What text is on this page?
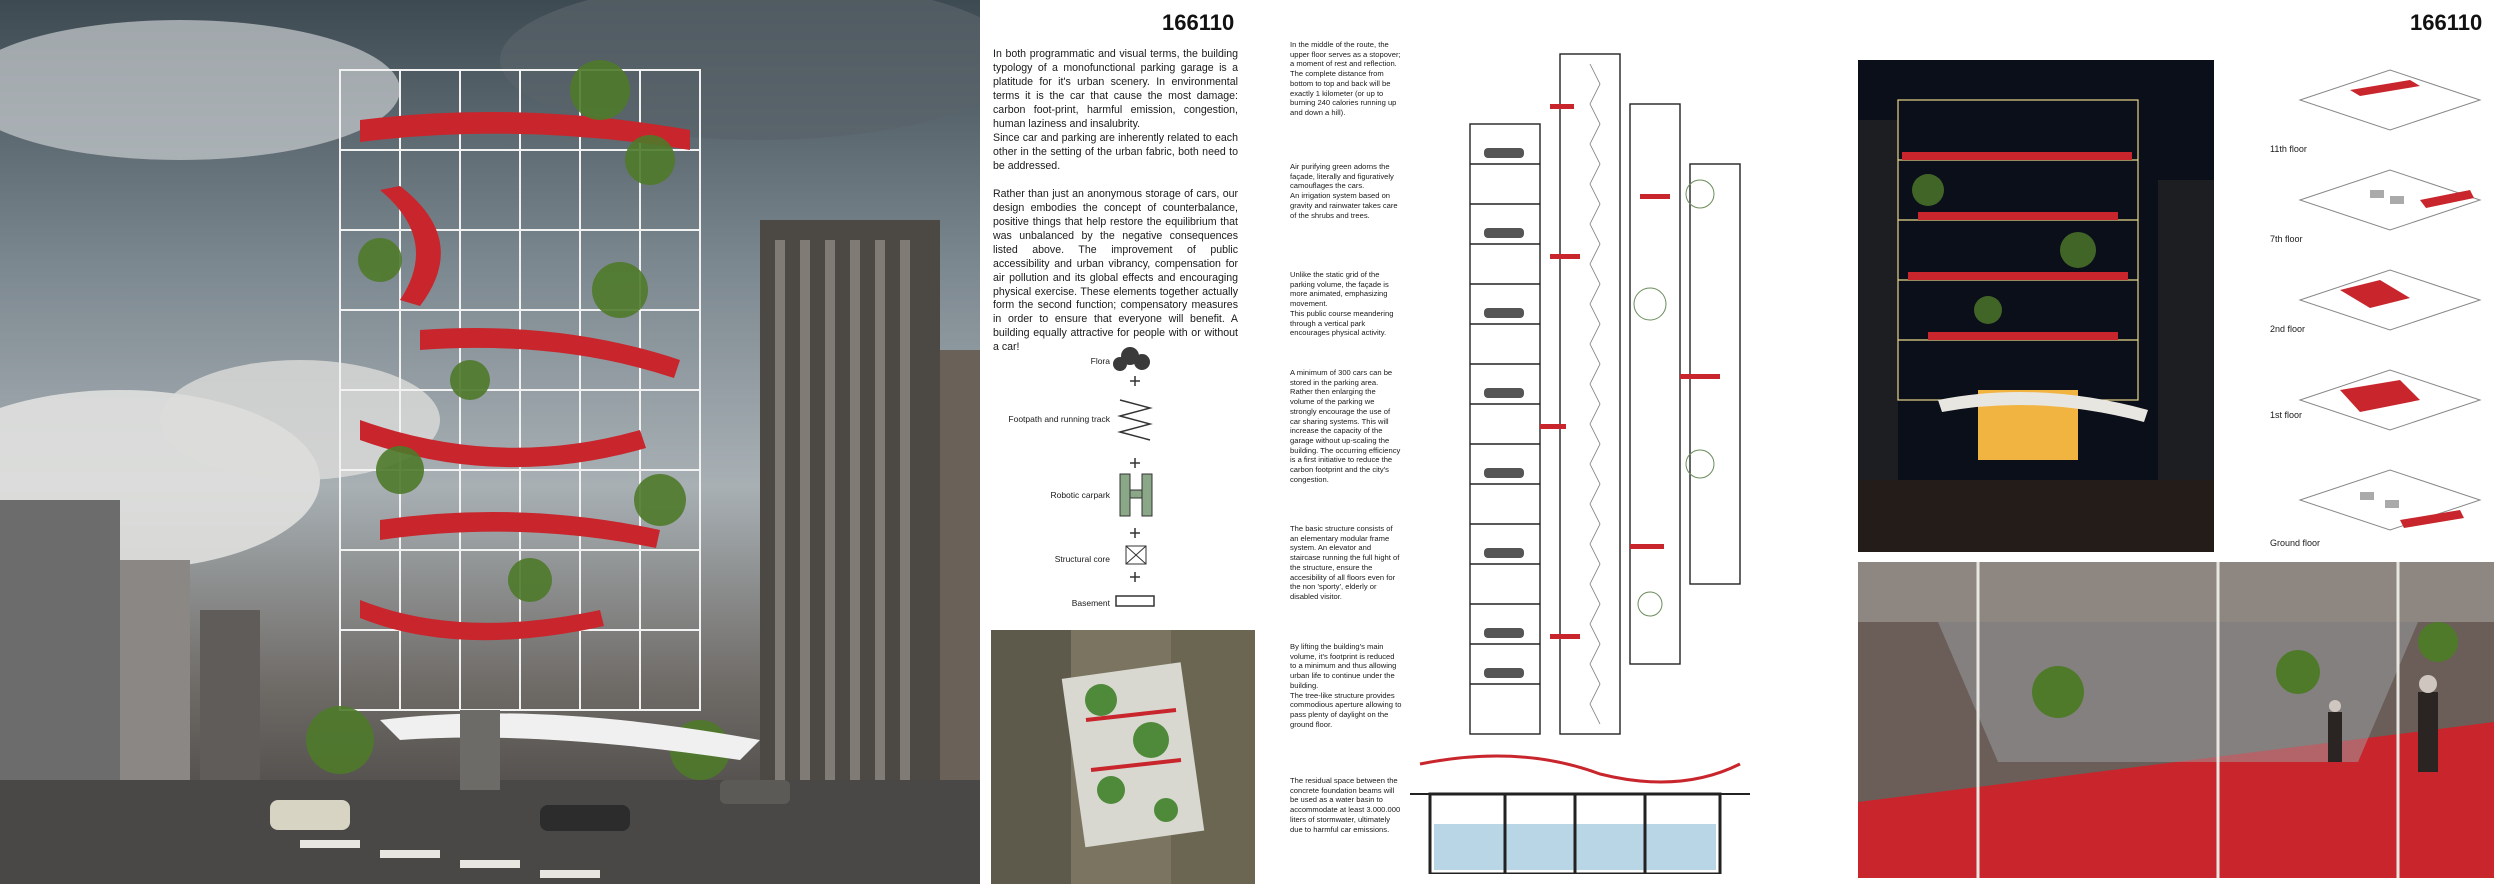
166110

In both programmatic and visual terms, the building typology of a monofunctional parking garage is a platitude for it's urban scenery. In environmental terms it is the car that cause the most damage: carbon foot-print, harmful emission, congestion, human laziness and insalubrity.
Since car and parking are inherently related to each other in the setting of the urban fabric, both need to be addressed.

Rather than just an anonymous storage of cars, our design embodies the concept of counterbalance, positive things that help restore the equilibrium that was unbalanced by the negative consequences listed above. The improvement of public accessibility and urban vibrancy, compensation for air pollution and its global effects and encouraging physical exercise. These elements together actually form the second function; compensatory measures in order to ensure that everyone will benefit. A building equally attractive for people with or without a car!

Flora
Footpath and running track
Robotic carpark
Structural core
Basement
In the middle of the route, the upper floor serves as a stopover; a moment of rest and reflection.
The complete distance from bottom to top and back will be exactly 1 kilometer (or up to burning 240 calories running up and down a hill).
Air purifying green adorns the façade, literally and figuratively camouflages the cars.
An irrigation system based on gravity and rainwater takes care of the shrubs and trees.
Unlike the static grid of the parking volume, the façade is more animated, emphasizing movement.
This public course meandering through a vertical park encourages physical activity.
A minimum of 300 cars can be stored in the parking area. Rather then enlarging the volume of the parking we strongly encourage the use of car sharing systems. This will increase the capacity of the garage without up-scaling the building. The occurring efficiency is a first initiative to reduce the carbon footprint and the city's congestion.
The basic structure consists of an elementary modular frame system. An elevator and staircase running the full hight of the structure, ensure the accesibility of all floors even for the non 'sporty', elderly or disabled visitor.
By lifting the building's main volume, it's footprint is reduced to a minimum and thus allowing urban life to continue under the building.
The tree-like structure provides commodious aperture allowing to pass plenty of daylight on the ground floor.
The residual space between the concrete foundation beams will be used as a water basin to accommodate at least 3.000.000 liters of stormwater, ultimately due to harmful car emissions.
166110
11th floor
7th floor
2nd floor
1st floor
Ground floor
